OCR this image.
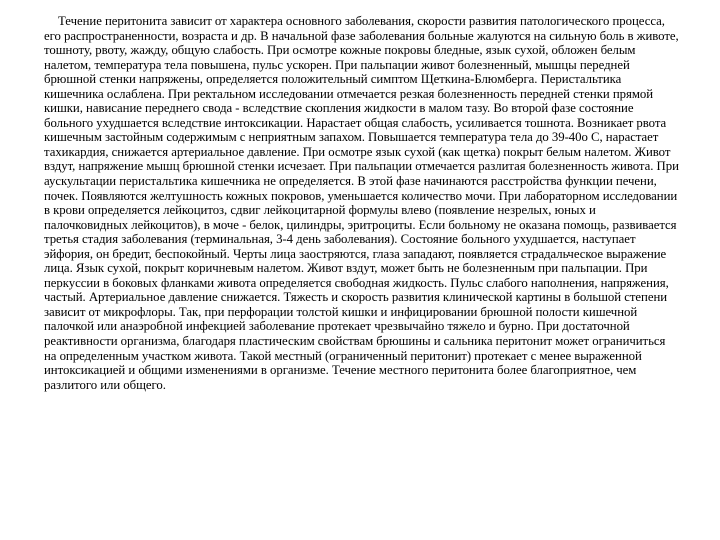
Течение перитонита зависит от характера основного заболевания, скорости развития патологического процесса, его распространенности, возраста и др. В начальной фазе заболевания больные жалуются на сильную боль в животе, тошноту, рвоту, жажду, общую слабость. При осмотре кожные покровы бледные, язык сухой, обложен белым налетом, температура тела повышена, пульс ускорен. При пальпации живот болезненный, мышцы передней брюшной стенки напряжены, определяется положительный симптом Щеткина-Блюмберга. Перистальтика кишечника ослаблена. При ректальном исследовании отмечается резкая болезненность передней стенки прямой кишки, нависание переднего свода - вследствие скопления жидкости в малом тазу. Во второй фазе состояние больного ухудшается вследствие интоксикации. Нарастает общая слабость, усиливается тошнота. Возникает рвота кишечным застойным содержимым с неприятным запахом. Повышается температура тела до 39-40о С, нарастает тахикардия, снижается артериальное давление. При осмотре язык сухой (как щетка) покрыт белым налетом. Живот вздут, напряжение мышц брюшной стенки исчезает. При пальпации отмечается разлитая болезненность живота. При аускультации перистальтика кишечника не определяется. В этой фазе начинаются расстройства функции печени, почек. Появляются желтушность кожных покровов, уменьшается количество мочи. При лабораторном исследовании в крови определяется лейкоцитоз, сдвиг лейкоцитарной формулы влево (появление незрелых, юных и палочковидных лейкоцитов), в моче - белок, цилиндры, эритроциты. Если больному не оказана помощь, развивается третья стадия заболевания (терминальная, 3-4 день заболевания). Состояние больного ухудшается, наступает эйфория, он бредит, беспокойный. Черты лица заостряются, глаза западают, появляется страдальческое выражение лица. Язык сухой, покрыт коричневым налетом. Живот вздут, может быть не болезненным при пальпации. При перкуссии в боковых фланками живота определяется свободная жидкость. Пульс слабого наполнения, напряжения, частый. Артериальное давление снижается. Тяжесть и скорость развития клинической картины в большой степени зависит от микрофлоры. Так, при перфорации толстой кишки и инфицировании брюшной полости кишечной палочкой или анаэробной инфекцией заболевание протекает чрезвычайно тяжело и бурно. При достаточной реактивности организма, благодаря пластическим свойствам брюшины и сальника перитонит может ограничиться на определенным участком живота. Такой местный (ограниченный перитонит) протекает с менее выраженной интоксикацией и общими изменениями в организме. Течение местного перитонита более благоприятное, чем разлитого или общего.
